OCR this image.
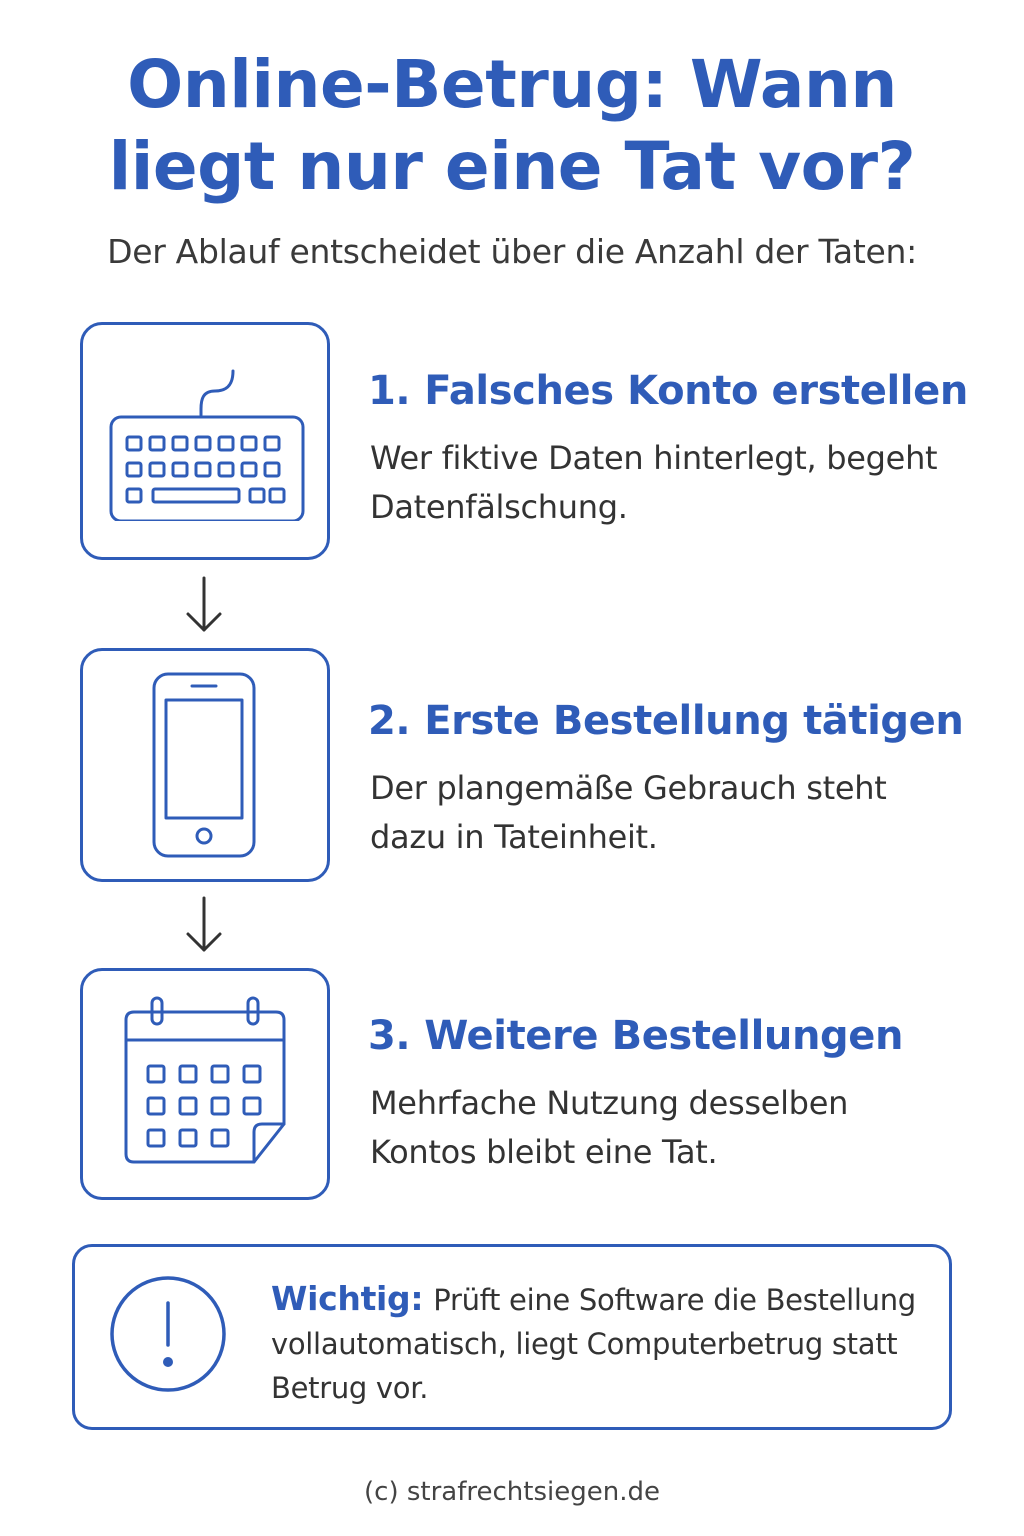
Online-Betrug: Wann
liegt nur eine Tat vor?
Der Ablauf entscheidet über die Anzahl der Taten:
1. Falsches Konto erstellen
Wer fiktive Daten hinterlegt, begeht
Datenfälschung.
2. Erste Bestellung tätigen
Der plangemäße Gebrauch steht
dazu in Tateinheit.
3. Weitere Bestellungen
Mehrfache Nutzung desselben
Kontos bleibt eine Tat.
Wichtig: Prüft eine Software die Bestellung vollautomatisch, liegt Computerbetrug statt Betrug vor.
(c) strafrechtsiegen.de
